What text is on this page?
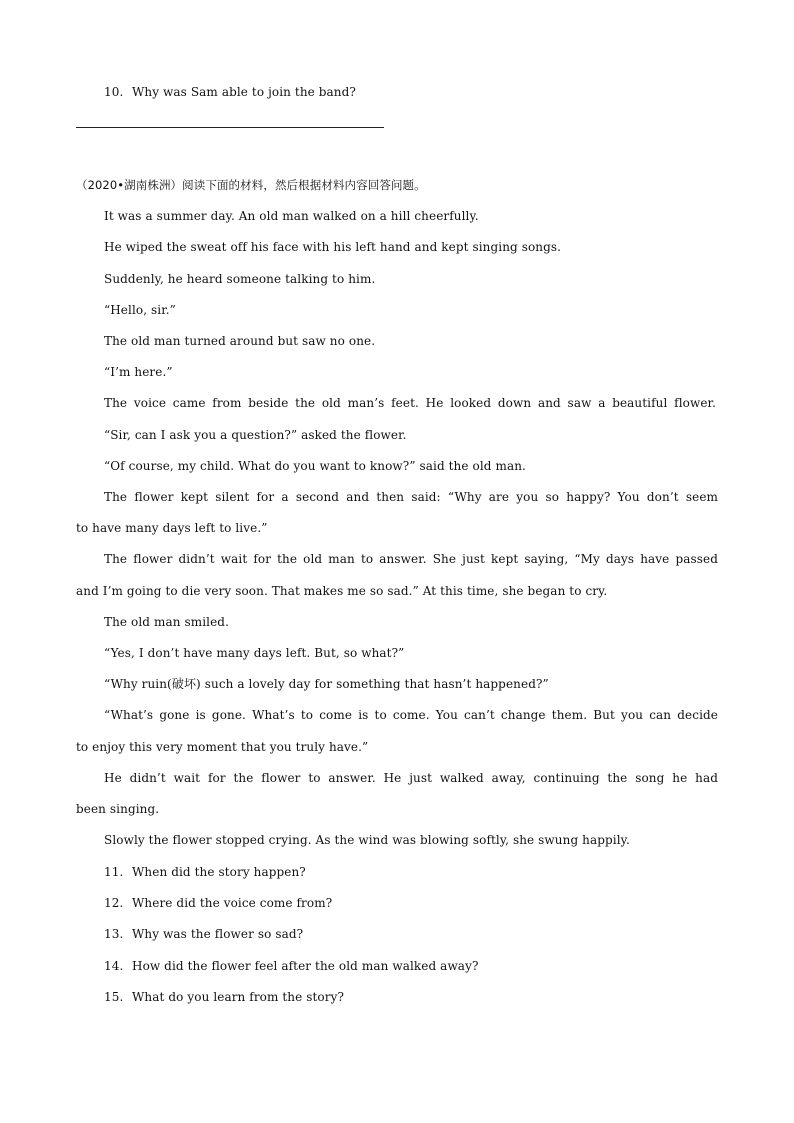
10. Why was Sam able to join the band?
（2020•湖南株洲）阅读下面的材料，然后根据材料内容回答问题。
It was a summer day. An old man walked on a hill cheerfully.
He wiped the sweat off his face with his left hand and kept singing songs.
Suddenly, he heard someone talking to him.
“Hello, sir.”
The old man turned around but saw no one.
“I’m here.”
The voice came from beside the old man’s feet. He looked down and saw a beautiful flower.
“Sir, can I ask you a question?” asked the flower.
“Of course, my child. What do you want to know?” said the old man.
The flower kept silent for a second and then said: “Why are you so happy? You don’t seem
to have many days left to live.”
The flower didn’t wait for the old man to answer. She just kept saying, “My days have passed
and I’m going to die very soon. That makes me so sad.” At this time, she began to cry.
The old man smiled.
“Yes, I don’t have many days left. But, so what?”
“Why ruin(破坏) such a lovely day for something that hasn’t happened?”
“What’s gone is gone. What’s to come is to come. You can’t change them. But you can decide
to enjoy this very moment that you truly have.”
He didn’t wait for the flower to answer. He just walked away, continuing the song he had
been singing.
Slowly the flower stopped crying. As the wind was blowing softly, she swung happily.
11. When did the story happen?
12. Where did the voice come from?
13. Why was the flower so sad?
14. How did the flower feel after the old man walked away?
15. What do you learn from the story?
